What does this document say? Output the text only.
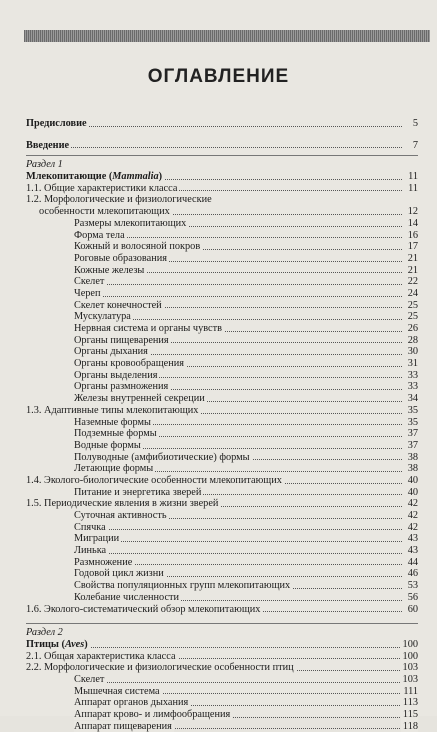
ОГЛАВЛЕНИЕ
Предисловие	5
Введение	7
Раздел 1
Млекопитающие (Mammalia)	11
1.1. Общие характеристики класса	11
1.2. Морфологические и физиологические
особенности млекопитающих	12
Размеры млекопитающих	14
Форма тела	16
Кожный и волосяной покров	17
Роговые образования	21
Кожные железы	21
Скелет	22
Череп	24
Скелет конечностей	25
Мускулатура	25
Нервная система и органы чувств	26
Органы пищеварения	28
Органы дыхания	30
Органы кровообращения	31
Органы выделения	33
Органы размножения	33
Железы внутренней секреции	34
1.3. Адаптивные типы млекопитающих	35
Наземные формы	35
Подземные формы	37
Водные формы	37
Полуводные (амфибиотические) формы	38
Летающие формы	38
1.4. Эколого-биологические особенности млекопитающих	40
Питание и энергетика зверей	40
1.5. Периодические явления в жизни зверей	42
Суточная активность	42
Спячка	42
Миграции	43
Линька	43
Размножение	44
Годовой цикл жизни	46
Свойства популяционных групп млекопитающих	53
Колебание численности	56
1.6. Эколого-систематический обзор млекопитающих	60
Раздел 2
Птицы (Aves)	100
2.1. Общая характеристика класса	100
2.2. Морфологические и физиологические особенности птиц	103
Скелет	103
Мышечная система	111
Аппарат органов дыхания	113
Аппарат крово- и лимфообращения	115
Аппарат пищеварения	118
